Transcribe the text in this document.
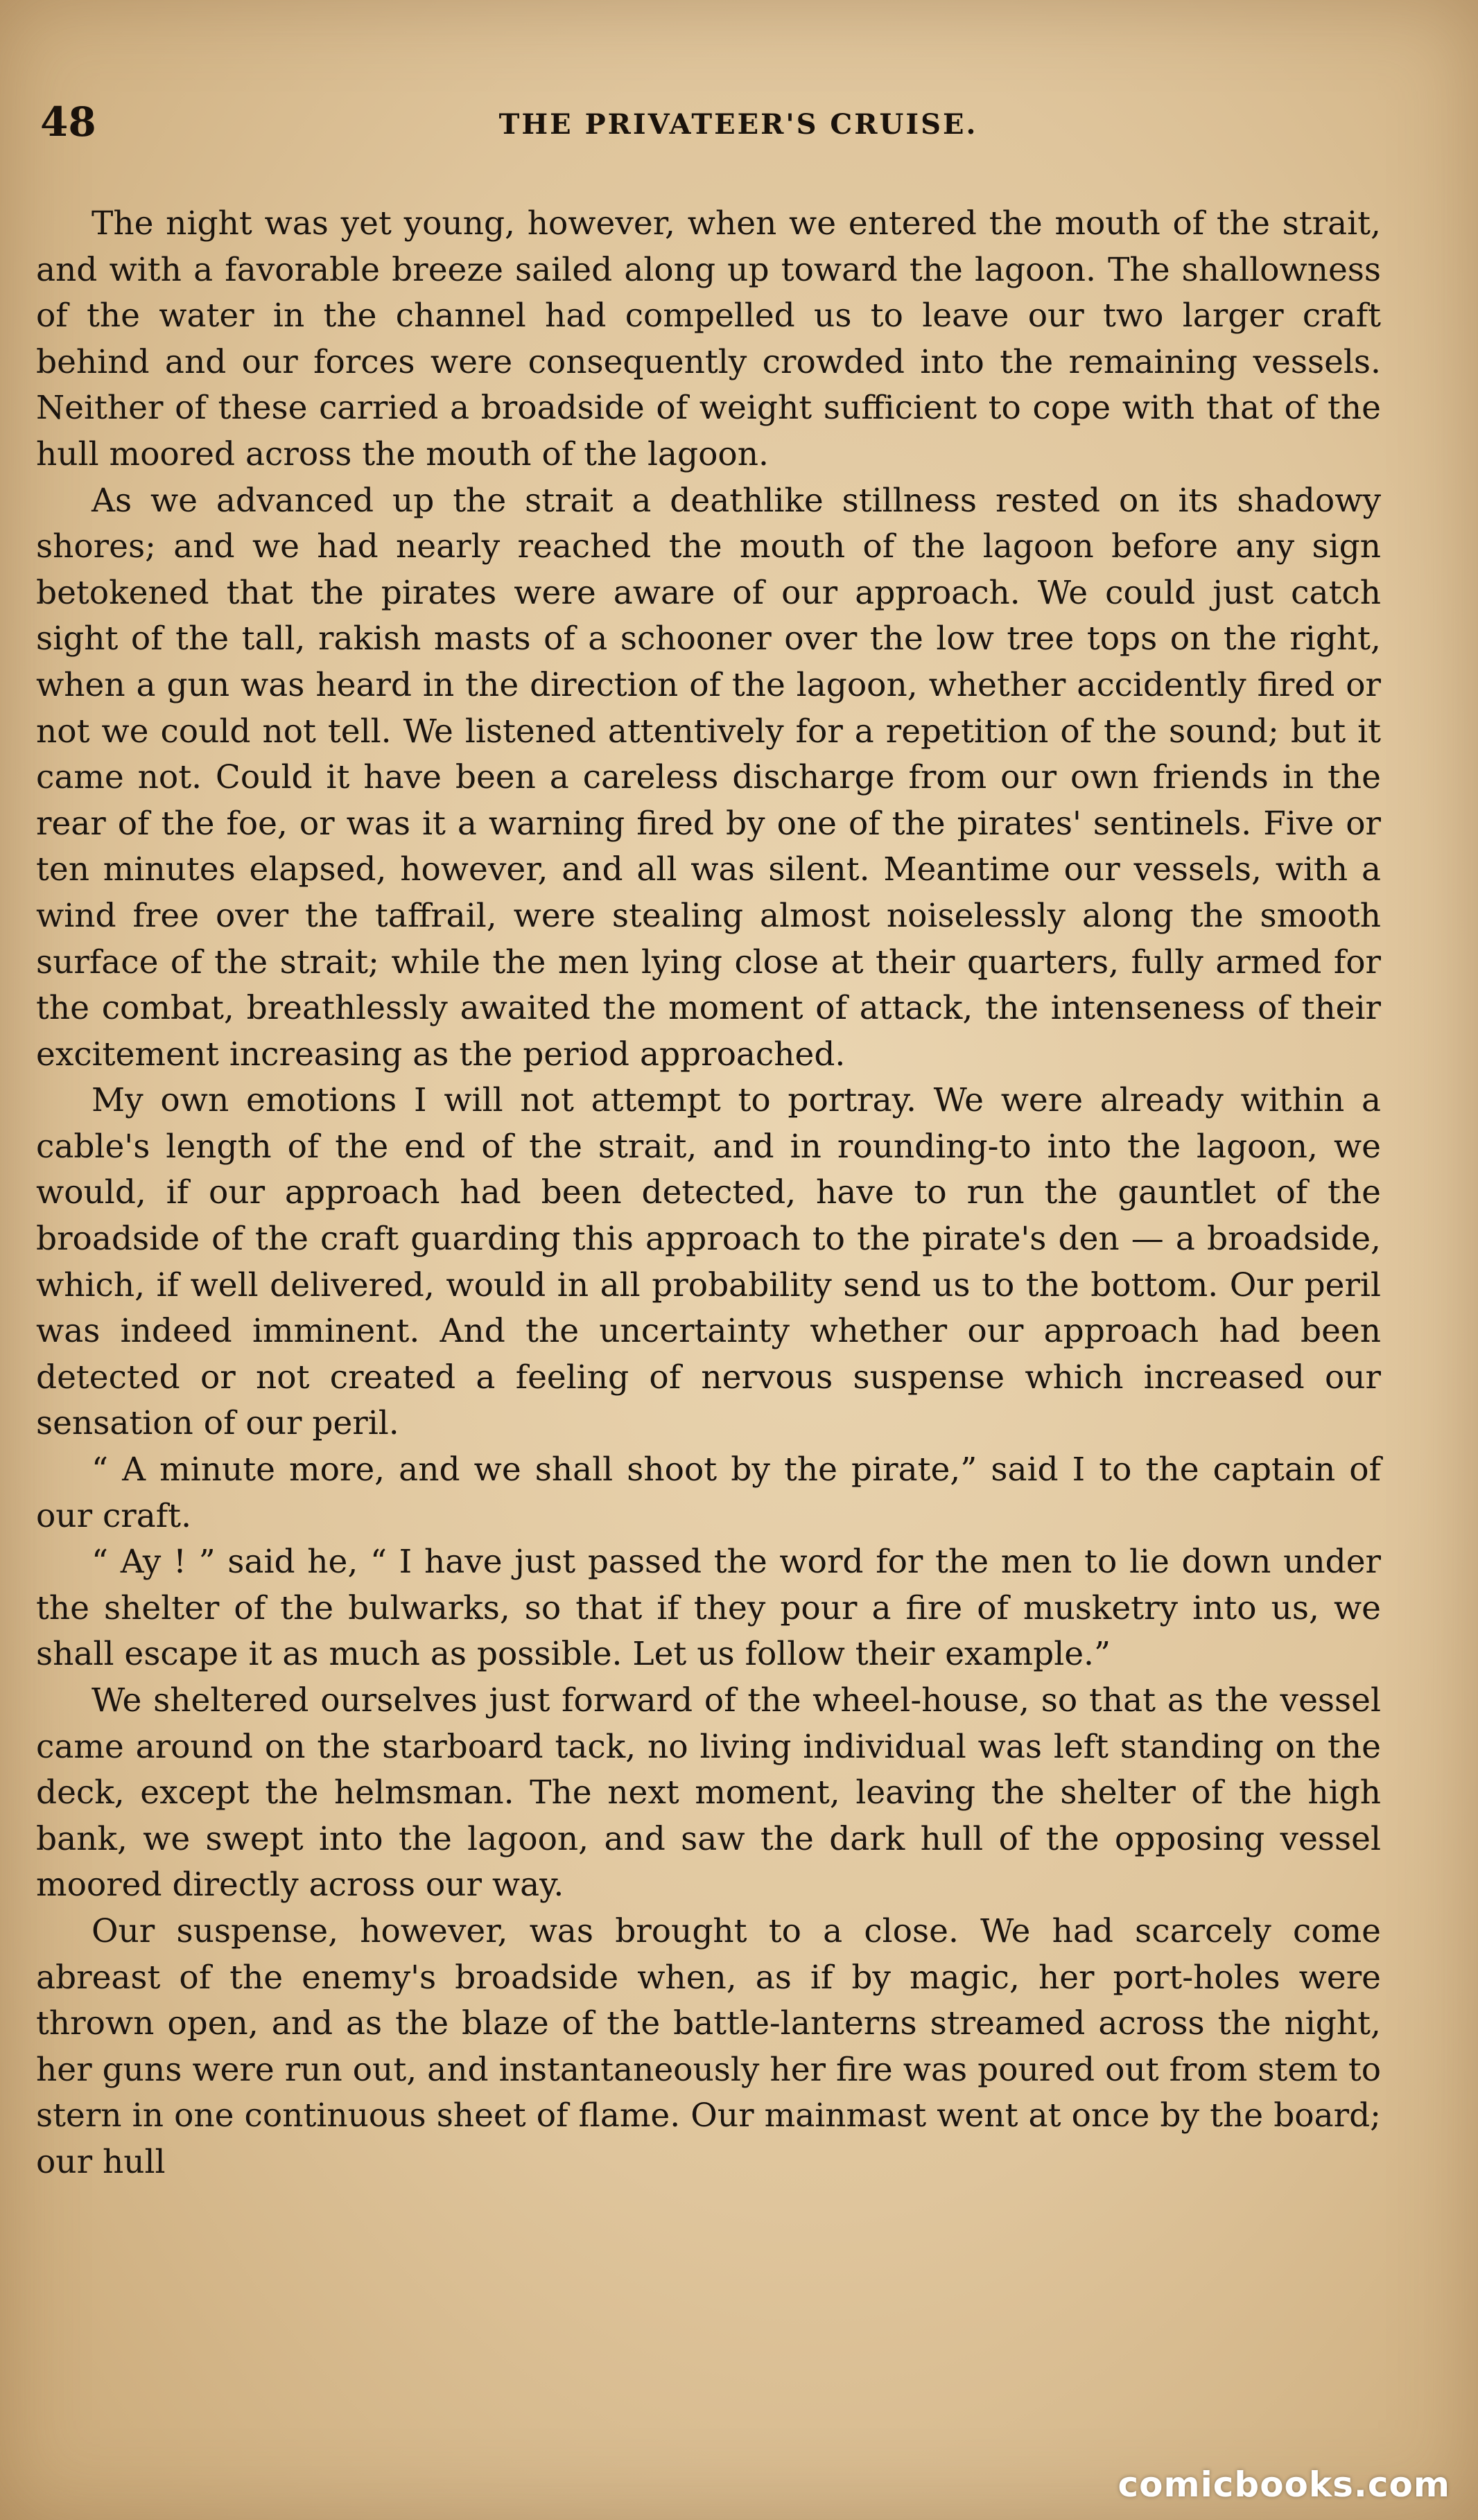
48	THE PRIVATEER'S CRUISE.

The night was yet young, however, when we entered the mouth of the strait, and with a favorable breeze sailed along up toward the lagoon. The shallowness of the water in the channel had compelled us to leave our two larger craft behind and our forces were consequently crowded into the remaining vessels. Neither of these carried a broadside of weight sufficient to cope with that of the hull moored across the mouth of the lagoon.

As we advanced up the strait a deathlike stillness rested on its shadowy shores; and we had nearly reached the mouth of the lagoon before any sign betokened that the pirates were aware of our approach. We could just catch sight of the tall, rakish masts of a schooner over the low tree tops on the right, when a gun was heard in the direction of the lagoon, whether accidently fired or not we could not tell. We listened attentively for a repetition of the sound; but it came not. Could it have been a careless discharge from our own friends in the rear of the foe, or was it a warning fired by one of the pirates' sentinels. Five or ten minutes elapsed, however, and all was silent. Meantime our vessels, with a wind free over the taffrail, were stealing almost noiselessly along the smooth surface of the strait; while the men lying close at their quarters, fully armed for the combat, breathlessly awaited the moment of attack, the intenseness of their excitement increasing as the period approached.

My own emotions I will not attempt to portray. We were already within a cable's length of the end of the strait, and in rounding-to into the lagoon, we would, if our approach had been detected, have to run the gauntlet of the broadside of the craft guarding this approach to the pirate's den — a broadside, which, if well delivered, would in all probability send us to the bottom. Our peril was indeed imminent. And the uncertainty whether our approach had been detected or not created a feeling of nervous suspense which increased our sensation of our peril.

“ A minute more, and we shall shoot by the pirate,” said I to the captain of our craft.

“ Ay ! ” said he, “ I have just passed the word for the men to lie down under the shelter of the bulwarks, so that if they pour a fire of musketry into us, we shall escape it as much as possible. Let us follow their example.”

We sheltered ourselves just forward of the wheel-house, so that as the vessel came around on the starboard tack, no living individual was left standing on the deck, except the helmsman. The next moment, leaving the shelter of the high bank, we swept into the lagoon, and saw the dark hull of the opposing vessel moored directly across our way.

Our suspense, however, was brought to a close. We had scarcely come abreast of the enemy's broadside when, as if by magic, her port-holes were thrown open, and as the blaze of the battle-lanterns streamed across the night, her guns were run out, and instantaneously her fire was poured out from stem to stern in one continuous sheet of flame. Our mainmast went at once by the board; our hull

comicbooks.com
